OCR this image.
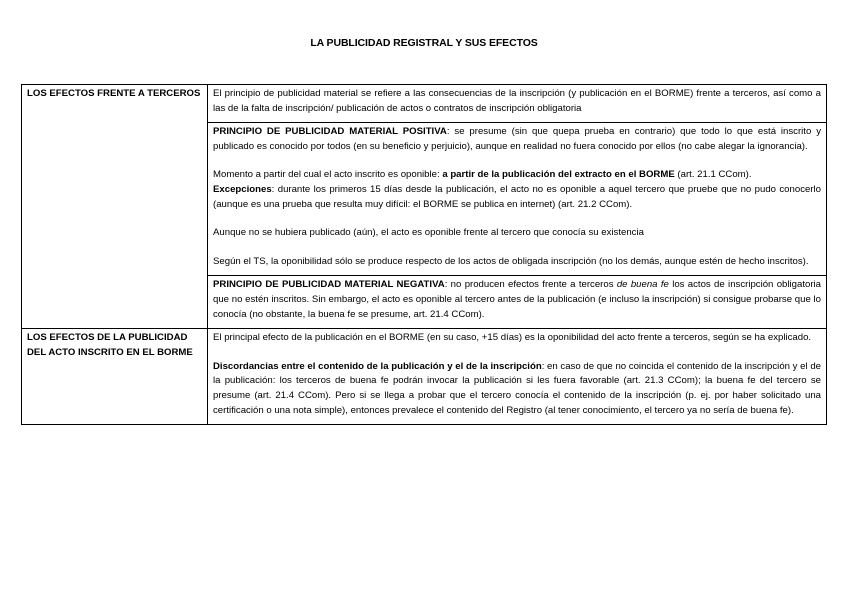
LA PUBLICIDAD REGISTRAL Y SUS EFECTOS
LOS EFECTOS FRENTE A TERCEROS	El principio de publicidad material se refiere a las consecuencias de la inscripción (y publicación en el BORME) frente a terceros, así como a las de la falta de inscripción/ publicación de actos o contratos de inscripción obligatoria

	PRINCIPIO DE PUBLICIDAD MATERIAL POSITIVA: se presume (sin que quepa prueba en contrario) que todo lo que está inscrito y publicado es conocido por todos (en su beneficio y perjuicio), aunque en realidad no fuera conocido por ellos (no cabe alegar la ignorancia).

Momento a partir del cual el acto inscrito es oponible: a partir de la publicación del extracto en el BORME (art. 21.1 CCom).
Excepciones: durante los primeros 15 días desde la publicación, el acto no es oponible a aquel tercero que pruebe que no pudo conocerlo (aunque es una prueba que resulta muy difícil: el BORME se publica en internet) (art. 21.2 CCom).

Aunque no se hubiera publicado (aún), el acto es oponible frente al tercero que conocía su existencia

Según el TS, la oponibilidad sólo se produce respecto de los actos de obligada inscripción (no los demás, aunque estén de hecho inscritos).

	PRINCIPIO DE PUBLICIDAD MATERIAL NEGATIVA: no producen efectos frente a terceros de buena fe los actos de inscripción obligatoria que no estén inscritos. Sin embargo, el acto es oponible al tercero antes de la publicación (e incluso la inscripción) si consigue probarse que lo conocía (no obstante, la buena fe se presume, art. 21.4 CCom).

LOS EFECTOS DE LA PUBLICIDAD DEL ACTO INSCRITO EN EL BORME	El principal efecto de la publicación en el BORME (en su caso, +15 días) es la oponibilidad del acto frente a terceros, según se ha explicado.

Discordancias entre el contenido de la publicación y el de la inscripción: en caso de que no coincida el contenido de la inscripción y el de la publicación: los terceros de buena fe podrán invocar la publicación si les fuera favorable (art. 21.3 CCom); la buena fe del tercero se presume (art. 21.4 CCom). Pero si se llega a probar que el tercero conocía el contenido de la inscripción (p. ej. por haber solicitado una certificación o una nota simple), entonces prevalece el contenido del Registro (al tener conocimiento, el tercero ya no sería de buena fe).
